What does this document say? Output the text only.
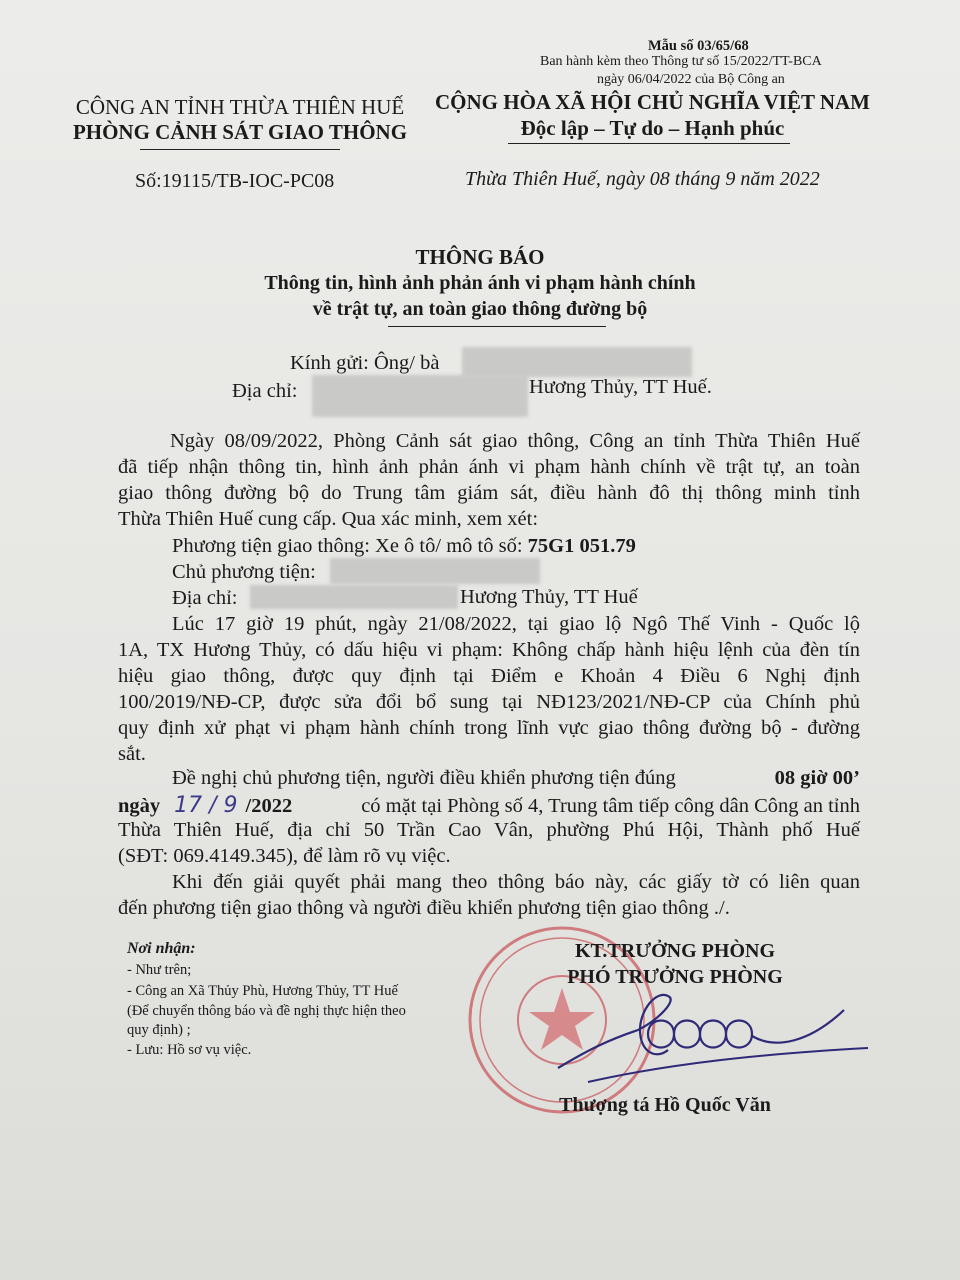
Mẫu số 03/65/68
Ban hành kèm theo Thông tư số 15/2022/TT-BCA
ngày 06/04/2022 của Bộ Công an
CÔNG AN TỈNH THỪA THIÊN HUẾ
PHÒNG CẢNH SÁT GIAO THÔNG
Số:19115/TB-IOC-PC08
CỘNG HÒA XÃ HỘI CHỦ NGHĨA VIỆT NAM
Độc lập – Tự do – Hạnh phúc
Thừa Thiên Huế, ngày 08 tháng 9 năm 2022
THÔNG BÁO
Thông tin, hình ảnh phản ánh vi phạm hành chính
về trật tự, an toàn giao thông đường bộ
Kính gửi: Ông/ bà
Địa chỉ:	Hương Thủy, TT Huế.
Ngày 08/09/2022, Phòng Cảnh sát giao thông, Công an tỉnh Thừa Thiên Huế
đã tiếp nhận thông tin, hình ảnh phản ánh vi phạm hành chính về trật tự, an toàn
giao thông đường bộ do Trung tâm giám sát, điều hành đô thị thông minh tỉnh
Thừa Thiên Huế cung cấp. Qua xác minh, xem xét:
Phương tiện giao thông: Xe ô tô/ mô tô số: 75G1 051.79
Chủ phương tiện:
Địa chỉ:	Hương Thủy, TT Huế
Lúc 17 giờ 19 phút, ngày 21/08/2022, tại giao lộ Ngô Thế Vinh - Quốc lộ
1A, TX Hương Thủy, có dấu hiệu vi phạm: Không chấp hành hiệu lệnh của đèn tín
hiệu giao thông, được quy định tại Điểm e Khoản 4 Điều 6 Nghị định
100/2019/NĐ-CP, được sửa đổi bổ sung tại NĐ123/2021/NĐ-CP của Chính phủ
quy định xử phạt vi phạm hành chính trong lĩnh vực giao thông đường bộ - đường
sắt.
Đề nghị chủ phương tiện, người điều khiển phương tiện đúng	08 giờ 00’
ngày 17 / 9 /2022	có mặt tại Phòng số 4, Trung tâm tiếp công dân Công an tỉnh
Thừa Thiên Huế, địa chỉ 50 Trần Cao Vân, phường Phú Hội, Thành phố Huế
(SĐT: 069.4149.345), để làm rõ vụ việc.
Khi đến giải quyết phải mang theo thông báo này, các giấy tờ có liên quan
đến phương tiện giao thông và người điều khiển phương tiện giao thông ./.
Nơi nhận:
- Như trên;
- Công an Xã Thủy Phù, Hương Thủy, TT Huế
(Để chuyển thông báo và đề nghị thực hiện theo
quy định) ;
- Lưu: Hồ sơ vụ việc.
KT.TRƯỞNG PHÒNG
PHÓ TRƯỞNG PHÒNG
Thượng tá Hồ Quốc Văn
